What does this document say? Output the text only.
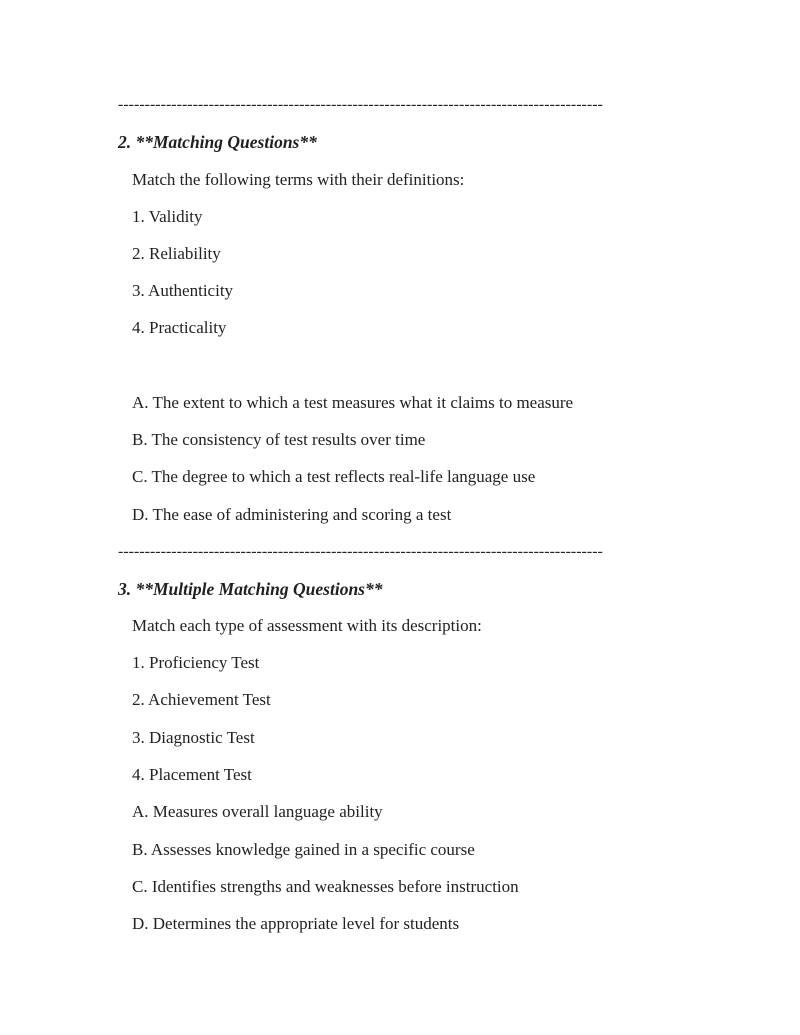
-------------------------------------------------------------------------------------------
2. **Matching Questions**
Match the following terms with their definitions:
1. Validity
2. Reliability
3. Authenticity
4. Practicality
A. The extent to which a test measures what it claims to measure
B. The consistency of test results over time
C. The degree to which a test reflects real-life language use
D. The ease of administering and scoring a test
-------------------------------------------------------------------------------------------
3. **Multiple Matching Questions**
Match each type of assessment with its description:
1. Proficiency Test
2. Achievement Test
3. Diagnostic Test
4. Placement Test
A. Measures overall language ability
B. Assesses knowledge gained in a specific course
C. Identifies strengths and weaknesses before instruction
D. Determines the appropriate level for students
